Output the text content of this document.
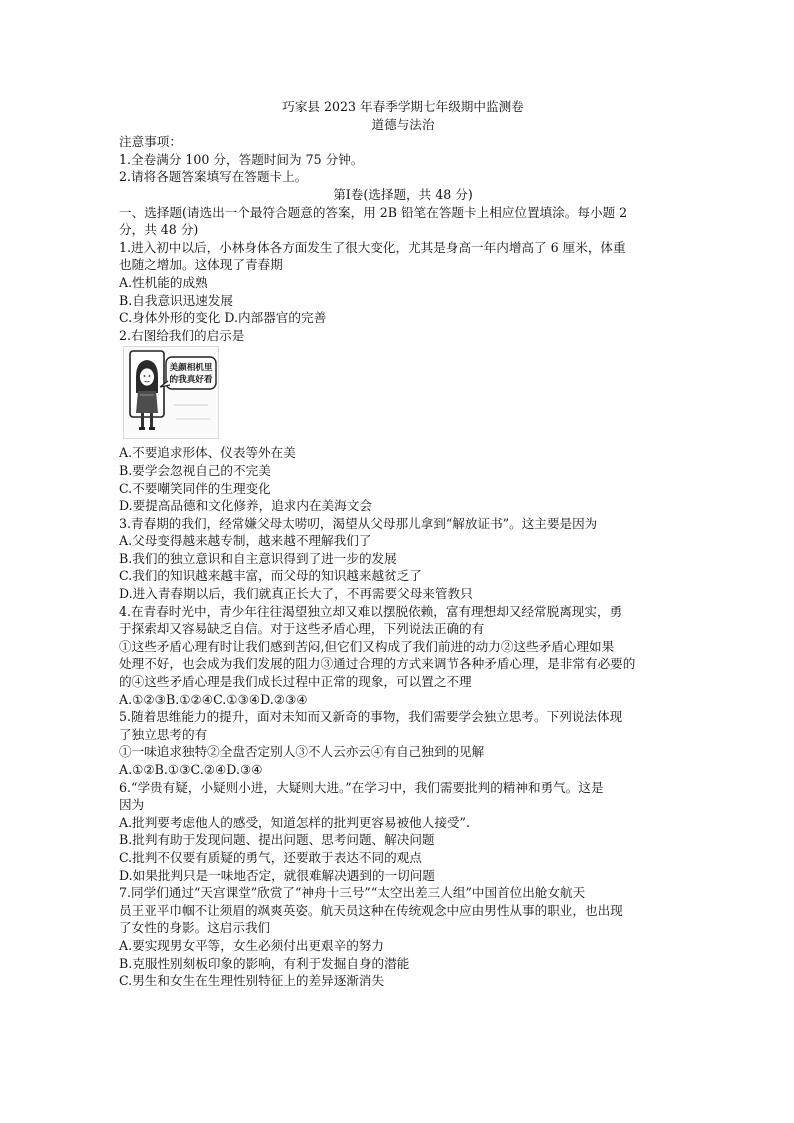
巧家县 2023 年春季学期七年级期中监测卷
道德与法治
注意事项：
1.全卷满分 100 分，答题时间为 75 分钟。
2.请将各题答案填写在答题卡上。
第Ⅰ卷(选择题，共 48 分)
一、选择题(请选出一个最符合题意的答案，用 2B 铅笔在答题卡上相应位置填涂。每小题 2
分，共 48 分)
1.进入初中以后，小林身体各方面发生了很大变化，尤其是身高一年内增高了 6 厘米，体重
也随之增加。这体现了青春期
A.性机能的成熟
B.自我意识迅速发展
C.身体外形的变化 D.内部器官的完善
2.右图给我们的启示是
美颜相机里的我真好看
A.不要追求形体、仪表等外在美
B.要学会忽视自己的不完美
C.不要嘲笑同伴的生理变化
D.要提高品德和文化修养，追求内在美海文会
3.青春期的我们，经常嫌父母太唠叨，渴望从父母那儿拿到“解放证书”。这主要是因为
A.父母变得越来越专制，越来越不理解我们了
B.我们的独立意识和自主意识得到了进一步的发展
C.我们的知识越来越丰富，而父母的知识越来越贫乏了
D.进入青春期以后，我们就真正长大了，不再需要父母来管教只
4.在青春时光中，青少年往往渴望独立却又难以摆脱依赖，富有理想却又经常脱离现实，勇
于探索却又容易缺乏自信。对于这些矛盾心理，下列说法正确的有
①这些矛盾心理有时让我们感到苦闷,但它们又构成了我们前进的动力②这些矛盾心理如果
处理不好，也会成为我们发展的阻力③通过合理的方式来调节各种矛盾心理，是非常有必要的
的④这些矛盾心理是我们成长过程中正常的现象，可以置之不理
A.①②③B.①②④C.①③④D.②③④
5.随着思维能力的提升，面对未知而又新奇的事物，我们需要学会独立思考。下列说法体现
了独立思考的有
①一味追求独特②全盘否定别人③不人云亦云④有自己独到的见解
A.①②B.①③C.②④D.③④
6.“学贵有疑，小疑则小进，大疑则大进。”在学习中，我们需要批判的精神和勇气。这是
因为
A.批判要考虑他人的感受，知道怎样的批判更容易被他人接受”.
B.批判有助于发现问题、提出问题、思考问题、解决问题
C.批判不仅要有质疑的勇气，还要敢于表达不同的观点
D.如果批判只是一味地否定，就很难解决遇到的一切问题
7.同学们通过“天宫课堂”欣赏了“神舟十三号”“太空出差三人组”中国首位出舱女航天
员王亚平巾帼不让须眉的飒爽英姿。航天员这种在传统观念中应由男性从事的职业，也出现
了女性的身影。这启示我们
A.要实现男女平等，女生必须付出更艰辛的努力
B.克服性别刻板印象的影响，有利于发掘自身的潜能
C.男生和女生在生理性别特征上的差异逐渐消失
